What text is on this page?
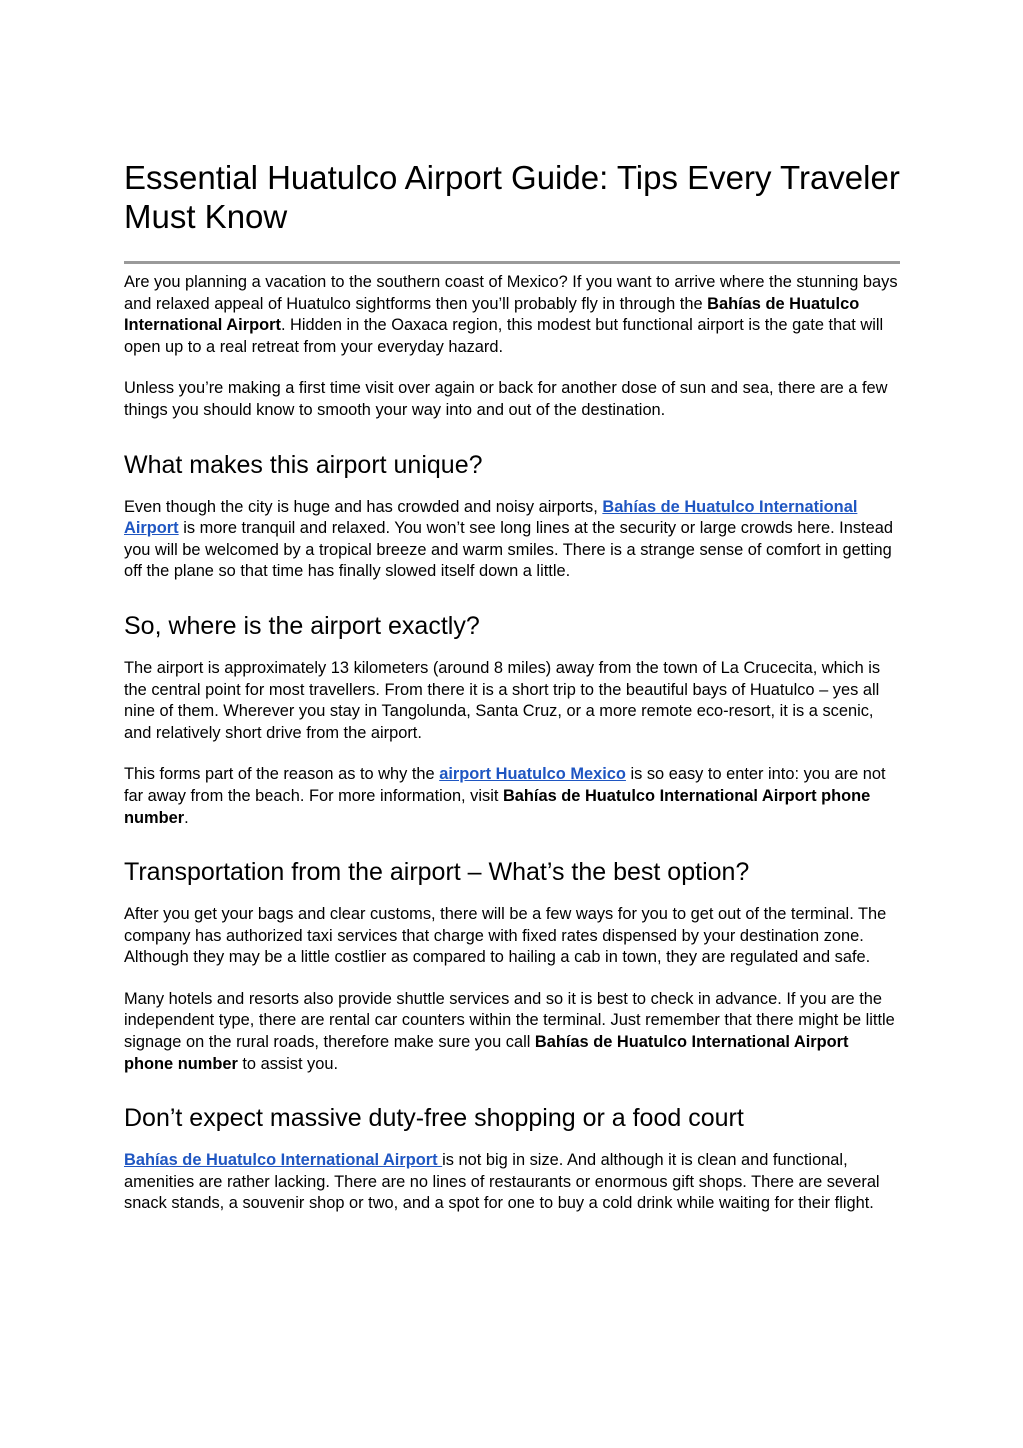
Essential Huatulco Airport Guide: Tips Every Traveler Must Know

Are you planning a vacation to the southern coast of Mexico? If you want to arrive where the stunning bays and relaxed appeal of Huatulco sightforms then you’ll probably fly in through the Bahías de Huatulco International Airport. Hidden in the Oaxaca region, this modest but functional airport is the gate that will open up to a real retreat from your everyday hazard.

Unless you’re making a first time visit over again or back for another dose of sun and sea, there are a few things you should know to smooth your way into and out of the destination.

What makes this airport unique?

Even though the city is huge and has crowded and noisy airports, Bahías de Huatulco International Airport is more tranquil and relaxed. You won’t see long lines at the security or large crowds here. Instead you will be welcomed by a tropical breeze and warm smiles. There is a strange sense of comfort in getting off the plane so that time has finally slowed itself down a little.

So, where is the airport exactly?

The airport is approximately 13 kilometers (around 8 miles) away from the town of La Crucecita, which is the central point for most travellers. From there it is a short trip to the beautiful bays of Huatulco – yes all nine of them. Wherever you stay in Tangolunda, Santa Cruz, or a more remote eco-resort, it is a scenic, and relatively short drive from the airport.

This forms part of the reason as to why the airport Huatulco Mexico is so easy to enter into: you are not far away from the beach. For more information, visit Bahías de Huatulco International Airport phone number.

Transportation from the airport – What’s the best option?

After you get your bags and clear customs, there will be a few ways for you to get out of the terminal. The company has authorized taxi services that charge with fixed rates dispensed by your destination zone. Although they may be a little costlier as compared to hailing a cab in town, they are regulated and safe.

Many hotels and resorts also provide shuttle services and so it is best to check in advance. If you are the independent type, there are rental car counters within the terminal. Just remember that there might be little signage on the rural roads, therefore make sure you call Bahías de Huatulco International Airport phone number to assist you.

Don’t expect massive duty-free shopping or a food court

Bahías de Huatulco International Airport is not big in size. And although it is clean and functional, amenities are rather lacking. There are no lines of restaurants or enormous gift shops. There are several snack stands, a souvenir shop or two, and a spot for one to buy a cold drink while waiting for their flight.
